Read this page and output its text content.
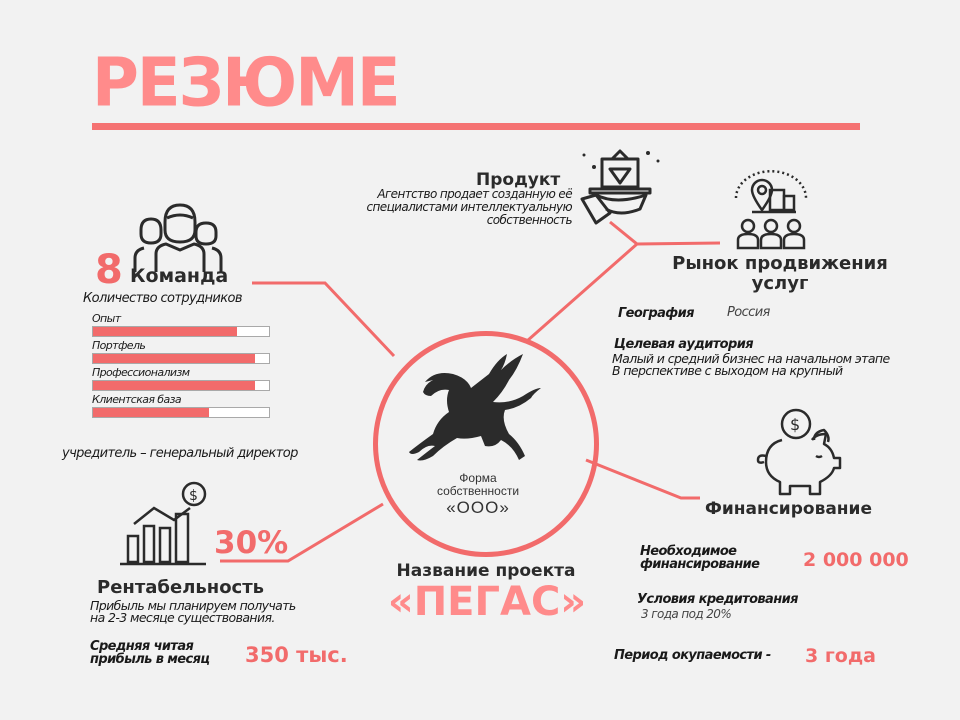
РЕЗЮМЕ
8 Команда
Количество сотрудников
Опыт
Портфель
Профессионализм
Клиентская база
учредитель – генеральный директор
Продукт
Агентство продает созданную её специалистами интеллектуальную собственность
Рынок продвижения услуг
География	Россия
Целевая аудитория
Малый и средний бизнес на начальном этапе
В перспективе с выходом на крупный
Форма собственности
«ООО»
Название проекта
«ПЕГАС»
$
Финансирование
Необходимое финансирование	2 000 000
Условия кредитования
3 года под 20%
Период окупаемости - 3 года
$
30%
Рентабельность
Прибыль мы планируем получать
на 2-3 месяце существования.
Средняя читая
прибыль в месяц 350 тыс.
